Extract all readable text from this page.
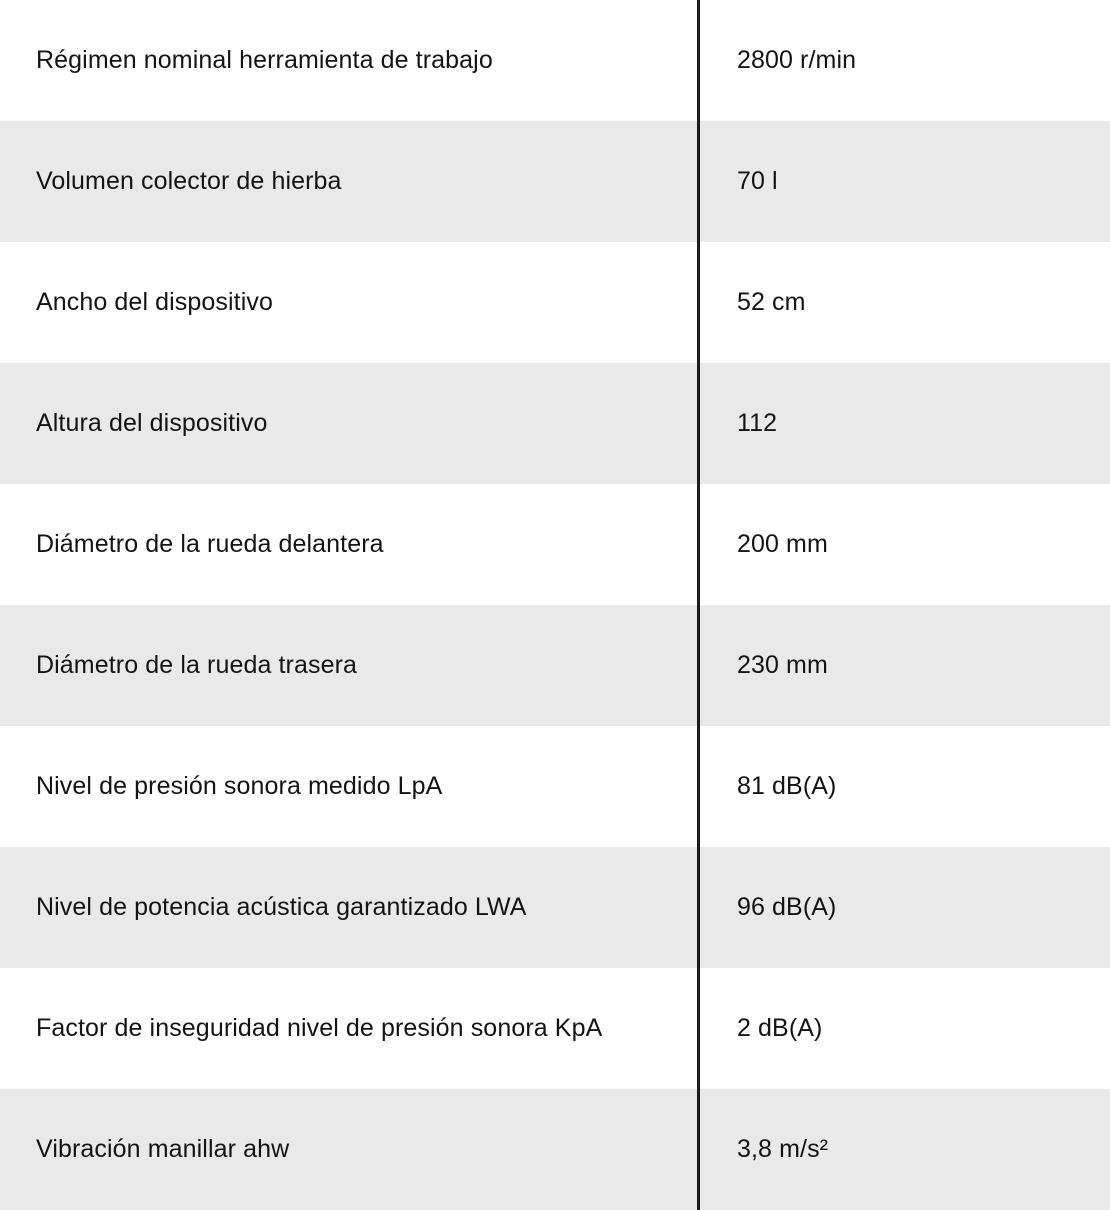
Régimen nominal herramienta de trabajo	2800 r/min
Volumen colector de hierba	70 l
Ancho del dispositivo	52 cm
Altura del dispositivo	112
Diámetro de la rueda delantera	200 mm
Diámetro de la rueda trasera	230 mm
Nivel de presión sonora medido LpA	81 dB(A)
Nivel de potencia acústica garantizado LWA	96 dB(A)
Factor de inseguridad nivel de presión sonora KpA	2 dB(A)
Vibración manillar ahw	3,8 m/s²
